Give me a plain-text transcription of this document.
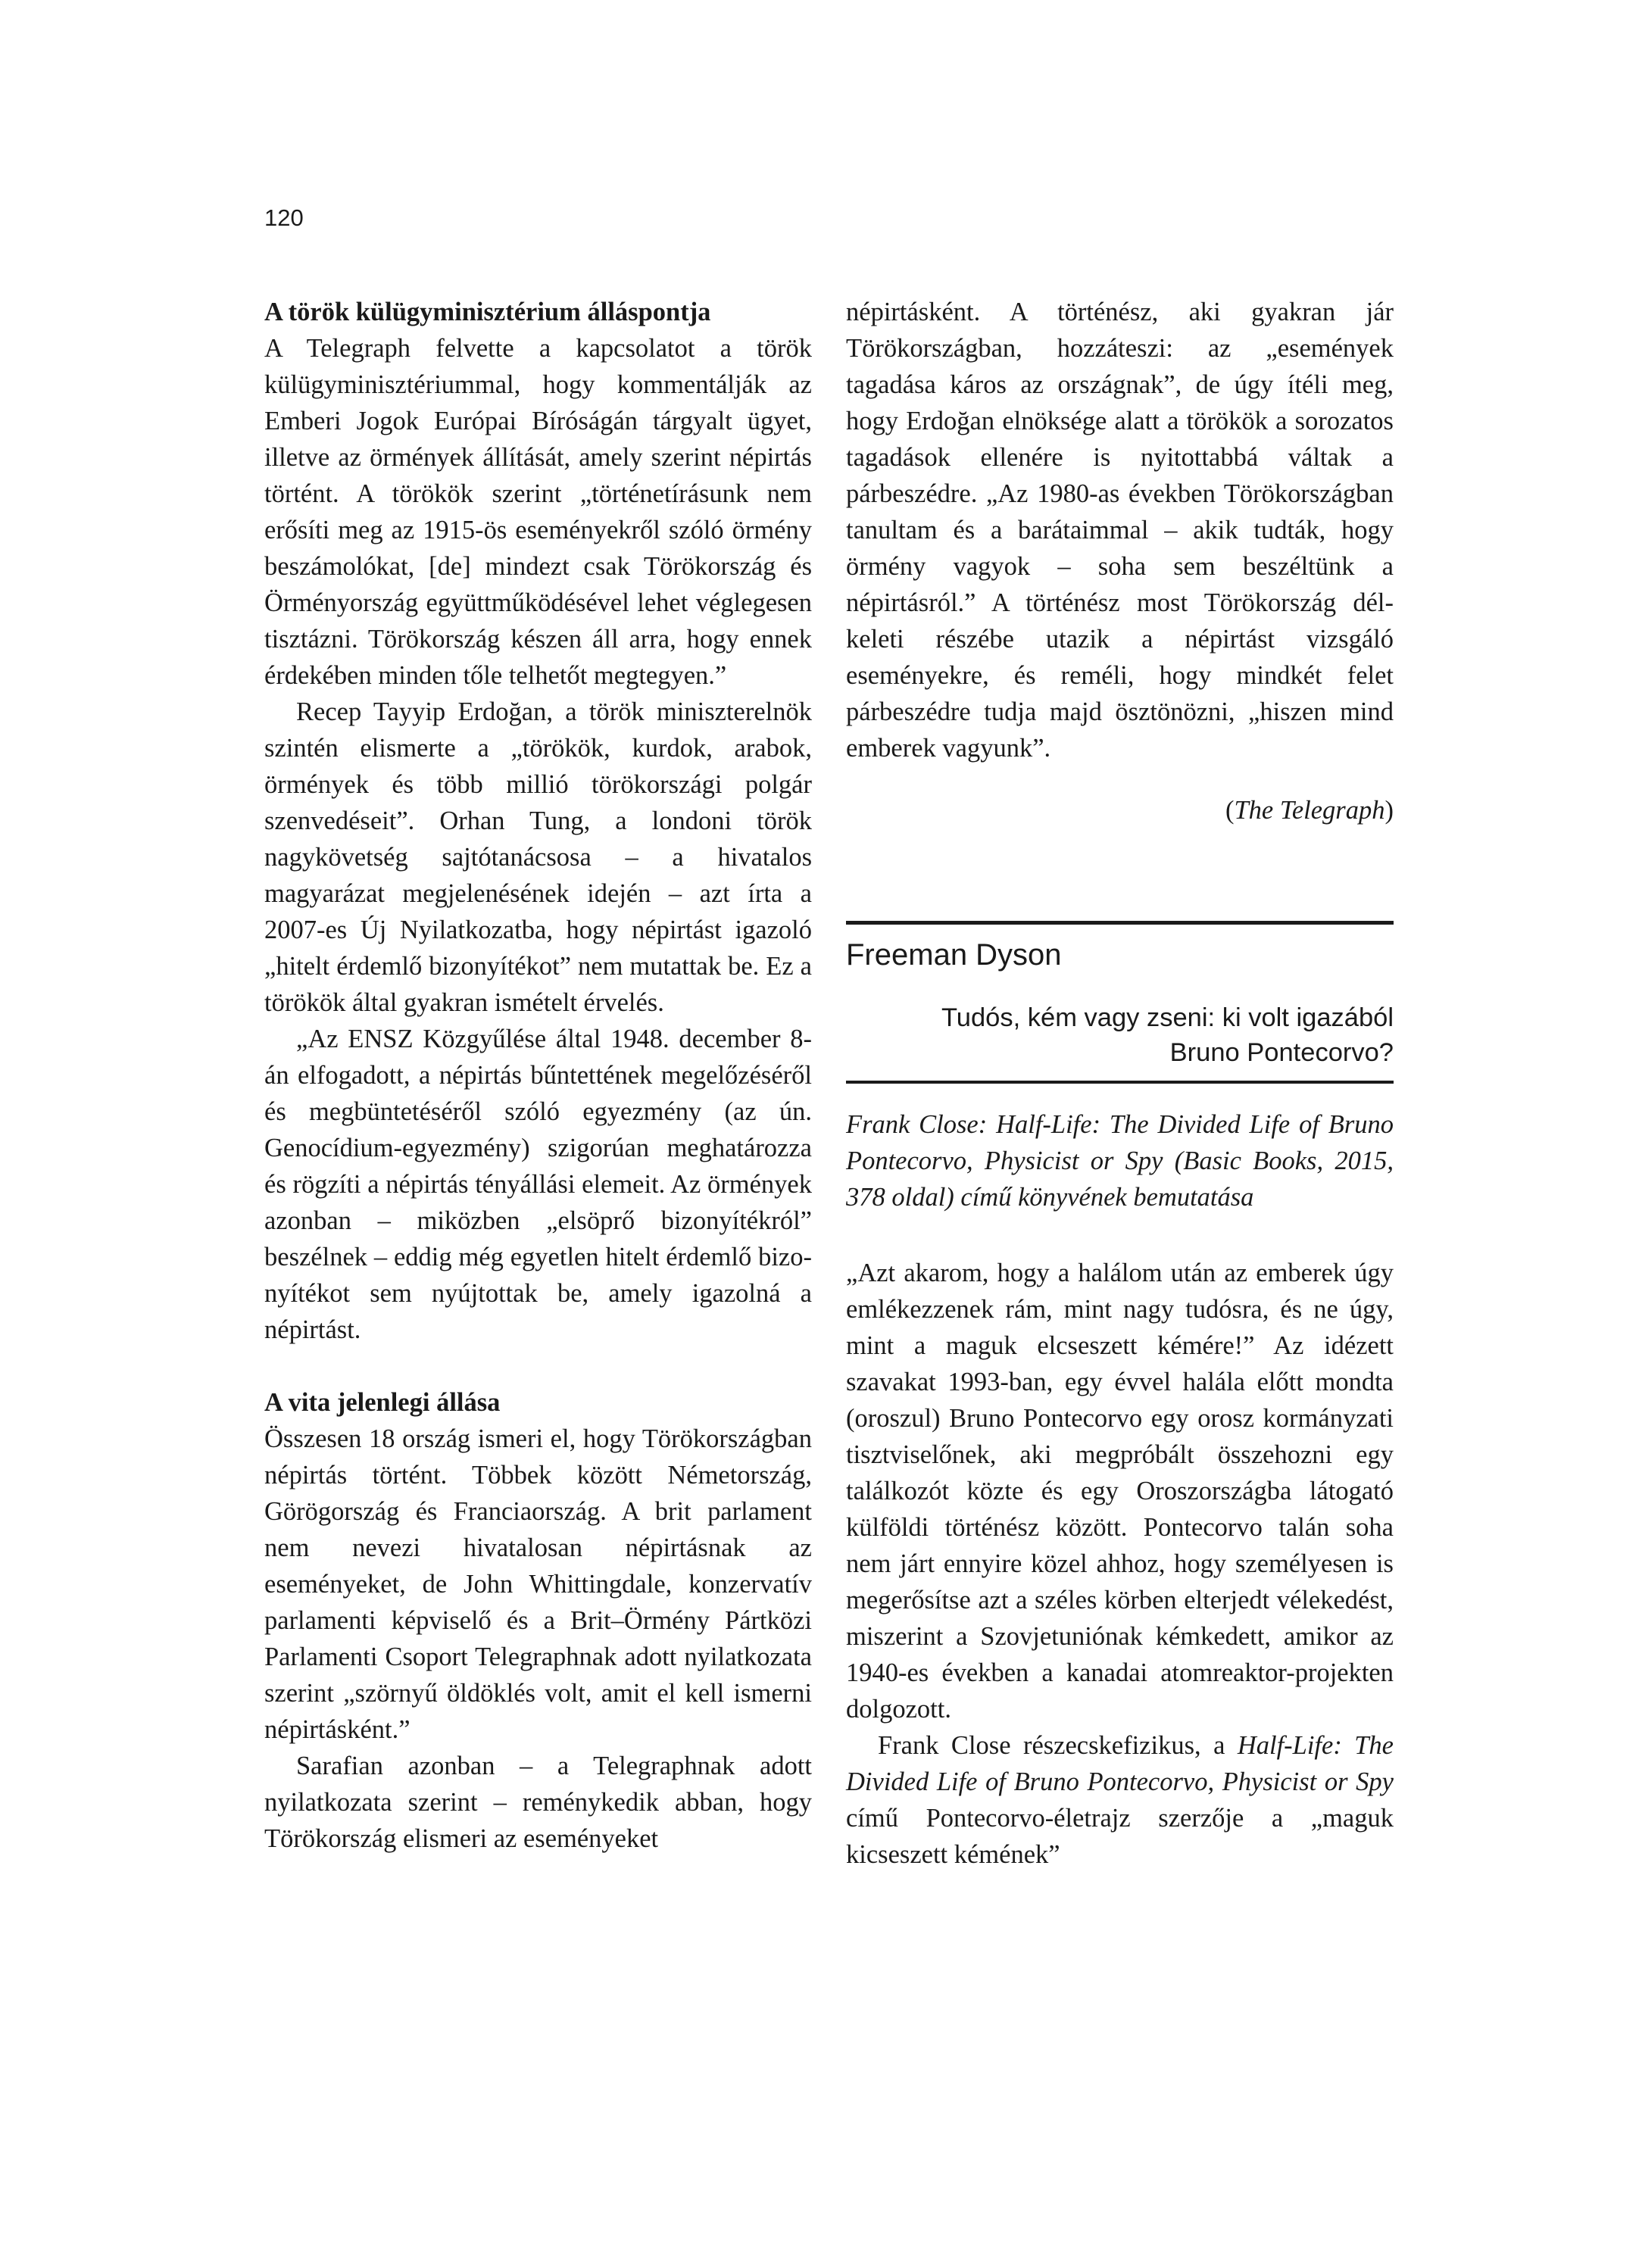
120
A török külügyminisztérium álláspontja

A Telegraph felvette a kapcsolatot a török külügyminisztériummal, hogy kommentálják az Emberi Jogok Európai Bíróságán tárgyalt ügyet, illetve az örmények állítását, amely szerint népirtás történt. A törökök szerint „történetírásunk nem erősíti meg az 1915-ös eseményekről szóló örmény beszámolókat, [de] mindezt csak Törökország és Örményország együttműködésével lehet véglegesen tisztázni. Törökország készen áll arra, hogy ennek érdekében minden tőle telhetőt megtegyen.”

Recep Tayyip Erdoğan, a török miniszterelnök szintén elismerte a „törökök, kurdok, arabok, örmények és több millió törökországi polgár szenvedéseit”. Orhan Tung, a londoni török nagykövetség sajtótanácsosa – a hivatalos magyarázat megjelenésének idején – azt írta a 2007-es Új Nyilatkozatba, hogy népirtást igazoló „hitelt érdemlő bizonyítékot” nem mutattak be. Ez a törökök által gyakran ismételt érvelés.

„Az ENSZ Közgyűlése által 1948. december 8-án elfogadott, a népirtás bűntettének megelőzéséről és megbüntetéséről szóló egyezmény (az ún. Genocídium-egyezmény) szigorúan meghatározza és rögzíti a népirtás tényállási elemeit. Az örmények azonban – miközben „elsöprő bizonyítékról” beszélnek – eddig még egyetlen hitelt érdemlő bizonyítékot sem nyújtottak be, amely igazolná a népirtást.

A vita jelenlegi állása

Összesen 18 ország ismeri el, hogy Törökországban népirtás történt. Többek között Németország, Görögország és Franciaország. A brit parlament nem nevezi hivatalosan népirtásnak az eseményeket, de John Whittingdale, konzervatív parlamenti képviselő és a Brit–Örmény Pártközi Parlamenti Csoport Telegraphnak adott nyilatkozata szerint „szörnyű öldöklés volt, amit el kell ismerni népirtásként.”

Sarafian azonban – a Telegraphnak adott nyilatkozata szerint – reménykedik abban, hogy Törökország elismeri az eseményeket

népirtásként. A történész, aki gyakran jár Törökországban, hozzáteszi: az „események tagadása káros az országnak”, de úgy ítéli meg, hogy Erdoğan elnöksége alatt a törökök a sorozatos tagadások ellenére is nyitottabbá váltak a párbeszédre. „Az 1980-as években Törökországban tanultam és a barátaimmal – akik tudták, hogy örmény vagyok – soha sem beszéltünk a népirtásról.” A történész most Törökország dél-keleti részébe utazik a népirtást vizsgáló eseményekre, és reméli, hogy mindkét felet párbeszédre tudja majd ösztönözni, „hiszen mind emberek vagyunk”.

(The Telegraph)

Freeman Dyson
Tudós, kém vagy zseni: ki volt igazából
Bruno Pontecorvo?
Frank Close: Half-Life: The Divided Life of Bruno Pontecorvo, Physicist or Spy (Basic Books, 2015, 378 oldal) című könyvének bemutatása

„Azt akarom, hogy a halálom után az emberek úgy emlékezzenek rám, mint nagy tudósra, és ne úgy, mint a maguk elcseszett kémére!” Az idézett szavakat 1993-ban, egy évvel halála előtt mondta (oroszul) Bruno Pontecorvo egy orosz kormányzati tisztviselőnek, aki megpróbált összehozni egy találkozót közte és egy Oroszországba látogató külföldi történész között. Pontecorvo talán soha nem járt ennyire közel ahhoz, hogy személyesen is megerősítse azt a széles körben elterjedt vélekedést, miszerint a Szovjetuniónak kémkedett, amikor az 1940-es években a kanadai atomreaktor-projekten dolgozott.

Frank Close részecskefizikus, a Half-Life: The Divided Life of Bruno Pontecorvo, Physicist or Spy című Pontecorvo-életrajz szerzője a „maguk kicseszett kémének”
